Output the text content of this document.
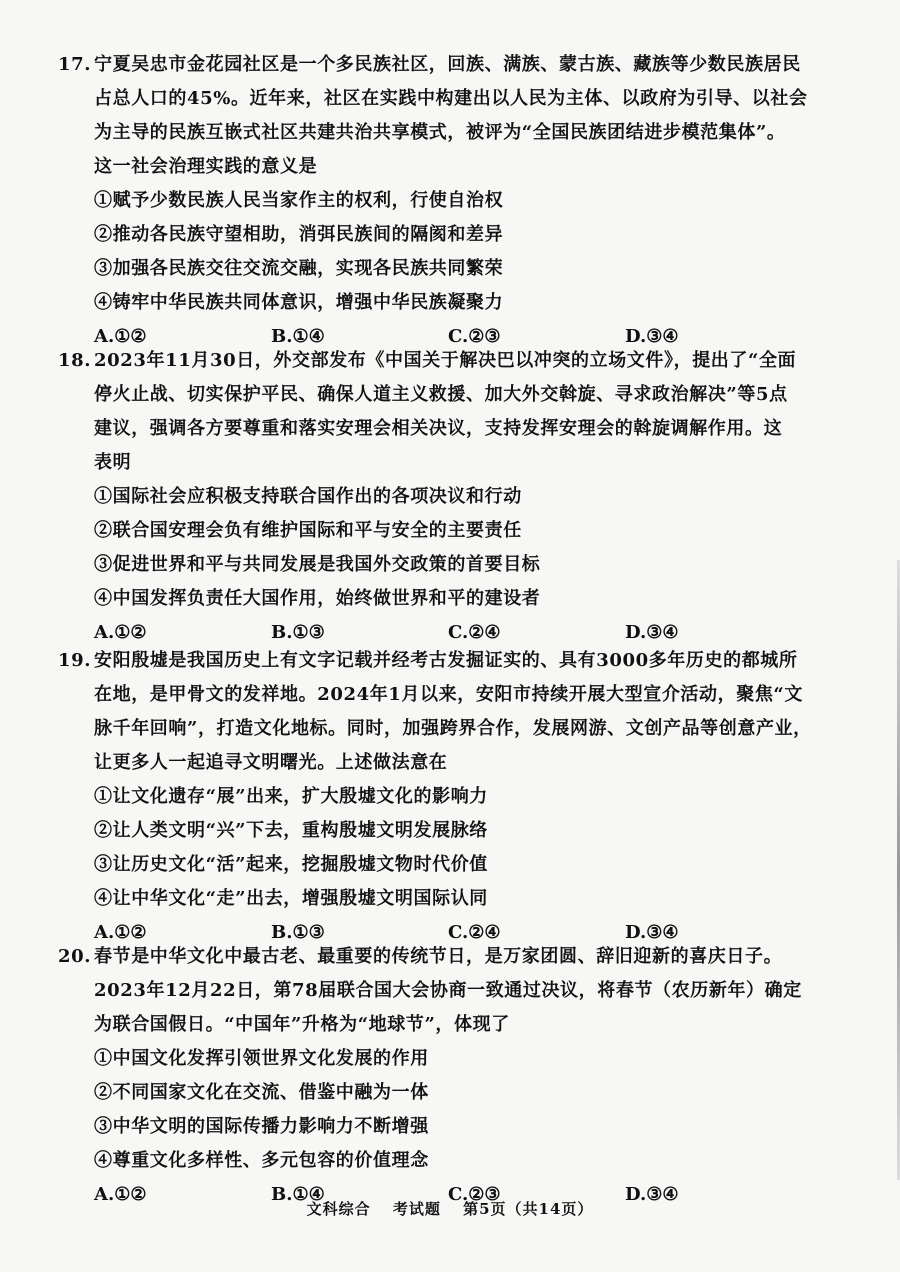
17. 宁夏吴忠市金花园社区是一个多民族社区，回族、满族、蒙古族、藏族等少数民族居民
占总人口的45%。近年来，社区在实践中构建出以人民为主体、以政府为引导、以社会
为主导的民族互嵌式社区共建共治共享模式，被评为“全国民族团结进步模范集体”。
这一社会治理实践的意义是
①赋予少数民族人民当家作主的权利，行使自治权
②推动各民族守望相助，消弭民族间的隔阂和差异
③加强各民族交往交流交融，实现各民族共同繁荣
④铸牢中华民族共同体意识，增强中华民族凝聚力
A.①②	B.①④	C.②③	D.③④
18. 2023年11月30日，外交部发布《中国关于解决巴以冲突的立场文件》，提出了“全面
停火止战、切实保护平民、确保人道主义救援、加大外交斡旋、寻求政治解决”等5点
建议，强调各方要尊重和落实安理会相关决议，支持发挥安理会的斡旋调解作用。这
表明
①国际社会应积极支持联合国作出的各项决议和行动
②联合国安理会负有维护国际和平与安全的主要责任
③促进世界和平与共同发展是我国外交政策的首要目标
④中国发挥负责任大国作用，始终做世界和平的建设者
A.①②	B.①③	C.②④	D.③④
19. 安阳殷墟是我国历史上有文字记载并经考古发掘证实的、具有3000多年历史的都城所
在地，是甲骨文的发祥地。2024年1月以来，安阳市持续开展大型宣介活动，聚焦“文
脉千年回响”，打造文化地标。同时，加强跨界合作，发展网游、文创产品等创意产业，
让更多人一起追寻文明曙光。上述做法意在
①让文化遗存“展”出来，扩大殷墟文化的影响力
②让人类文明“兴”下去，重构殷墟文明发展脉络
③让历史文化“活”起来，挖掘殷墟文物时代价值
④让中华文化“走”出去，增强殷墟文明国际认同
A.①②	B.①③	C.②④	D.③④
20. 春节是中华文化中最古老、最重要的传统节日，是万家团圆、辞旧迎新的喜庆日子。
2023年12月22日，第78届联合国大会协商一致通过决议，将春节（农历新年）确定
为联合国假日。“中国年”升格为“地球节”，体现了
①中国文化发挥引领世界文化发展的作用
②不同国家文化在交流、借鉴中融为一体
③中华文明的国际传播力影响力不断增强
④尊重文化多样性、多元包容的价值理念
A.①②	B.①④	C.②③	D.③④
文科综合 考试题 第5页（共14页）
